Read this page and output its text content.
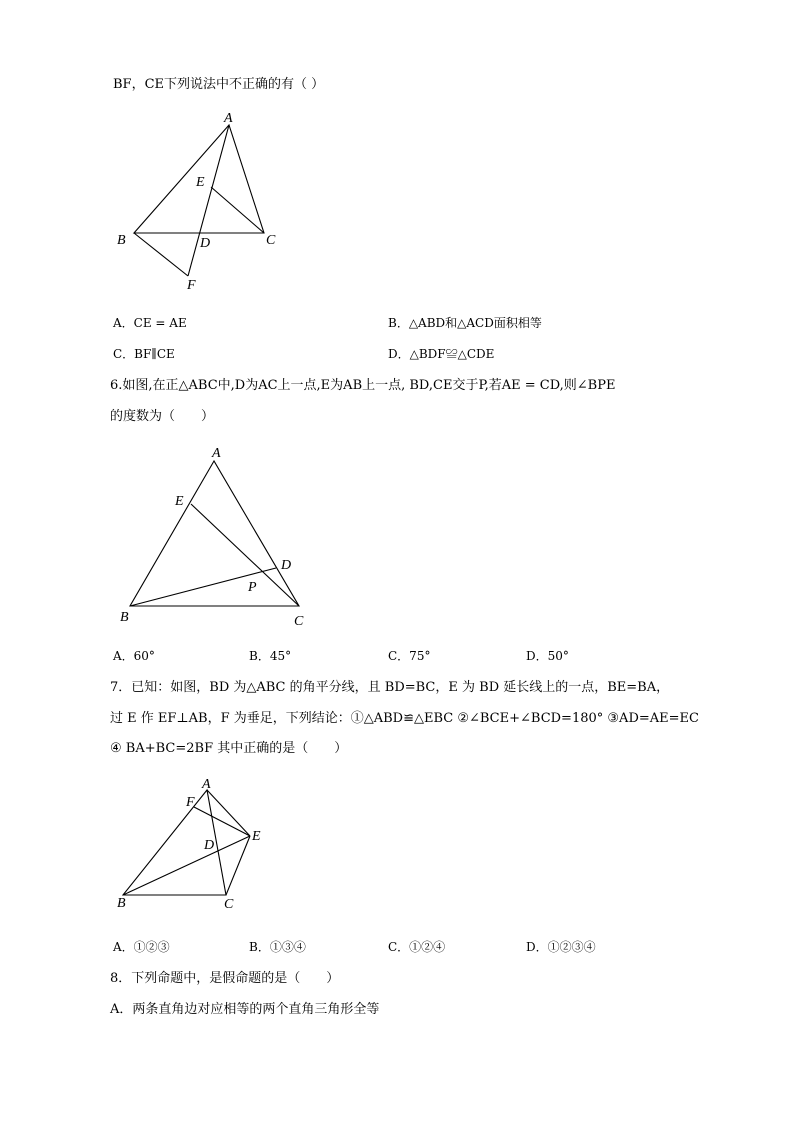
BF，CE下列说法中不正确的有（ ）
A
B	C
D
E
F
A．CE = AE	B．△ABD和△ACD面积相等
C．BF∥CE	D．△BDF≌△CDE
6.如图,在正△ABC中,D为AC上一点,E为AB上一点, BD,CE交于P,若AE = CD,则∠BPE
的度数为（　　）
A
B	C
D
E
P
A．60°	B．45°	C．75°	D．50°
7．已知：如图，BD 为△ABC 的角平分线，且 BD=BC，E 为 BD 延长线上的一点，BE=BA，
过 E 作 EF⊥AB，F 为垂足，下列结论：①△ABD≌△EBC ②∠BCE+∠BCD=180° ③AD=AE=EC
④ BA+BC=2BF 其中正确的是（　　）
A
B	C
D
E
F
A．①②③	B．①③④	C．①②④	D．①②③④
8．下列命题中，是假命题的是（　　）
A．两条直角边对应相等的两个直角三角形全等
